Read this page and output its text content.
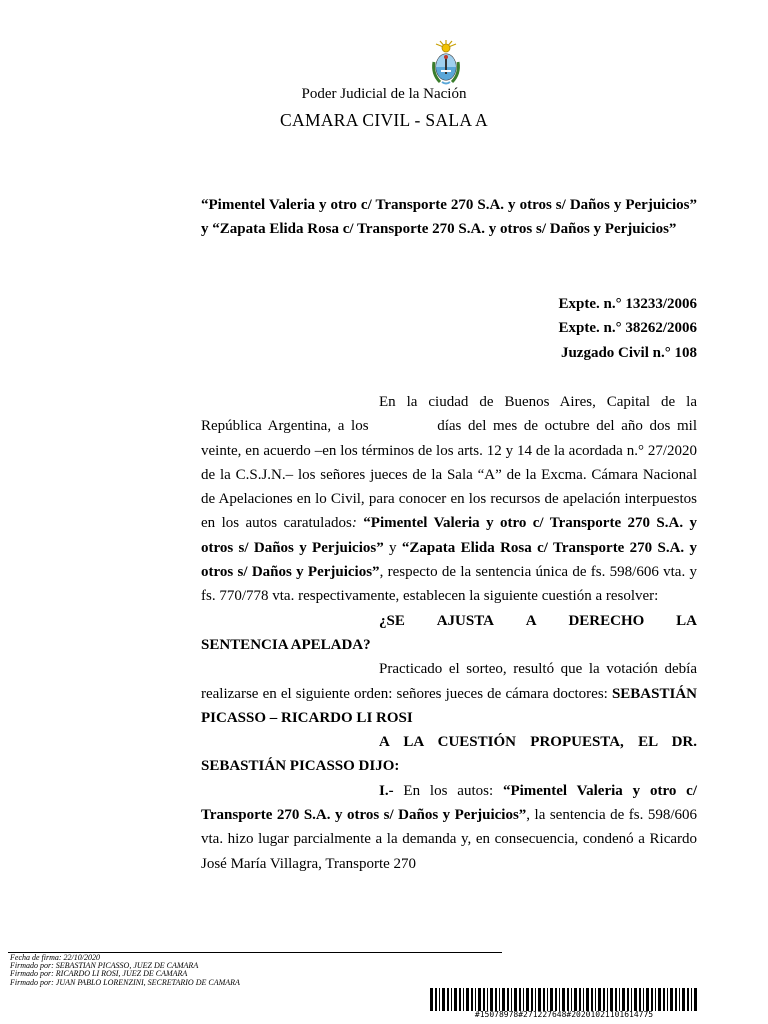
Poder Judicial de la Nación
CAMARA CIVIL - SALA A
“Pimentel Valeria y otro c/ Transporte 270 S.A. y otros s/ Daños y Perjuicios” y “Zapata Elida Rosa c/ Transporte 270 S.A. y otros s/ Daños y Perjuicios”
Expte. n.° 13233/2006
Expte. n.° 38262/2006
Juzgado Civil n.° 108

En la ciudad de Buenos Aires, Capital de la República Argentina, a los	días del mes de octubre del año dos mil veinte, en acuerdo –en los términos de los arts. 12 y 14 de la acordada n.° 27/2020 de la C.S.J.N.– los señores jueces de la Sala “A” de la Excma. Cámara Nacional de Apelaciones en lo Civil, para conocer en los recursos de apelación interpuestos en los autos caratulados: “Pimentel Valeria y otro c/ Transporte 270 S.A. y otros s/ Daños y Perjuicios” y “Zapata Elida Rosa c/ Transporte 270 S.A. y otros s/ Daños y Perjuicios”, respecto de la sentencia única de fs. 598/606 vta. y fs. 770/778 vta. respectivamente, establecen la siguiente cuestión a resolver:

¿SE AJUSTA A DERECHO LA

SENTENCIA APELADA?

Practicado el sorteo, resultó que la votación debía realizarse en el siguiente orden: señores jueces de cámara doctores: SEBASTIÁN PICASSO – RICARDO LI ROSI

A LA CUESTIÓN PROPUESTA, EL DR. SEBASTIÁN PICASSO DIJO:

I.- En los autos: “Pimentel Valeria y otro c/ Transporte 270 S.A. y otros s/ Daños y Perjuicios”, la sentencia de fs. 598/606 vta. hizo lugar parcialmente a la demanda y, en consecuencia, condenó a Ricardo José María Villagra, Transporte 270

Fecha de firma: 22/10/2020
Firmado por: SEBASTIAN PICASSO, JUEZ DE CAMARA
Firmado por: RICARDO LI ROSI, JUEZ DE CAMARA
Firmado por: JUAN PABLO LORENZINI, SECRETARIO DE CAMARA
#15078978#271227648#20201021101614775
